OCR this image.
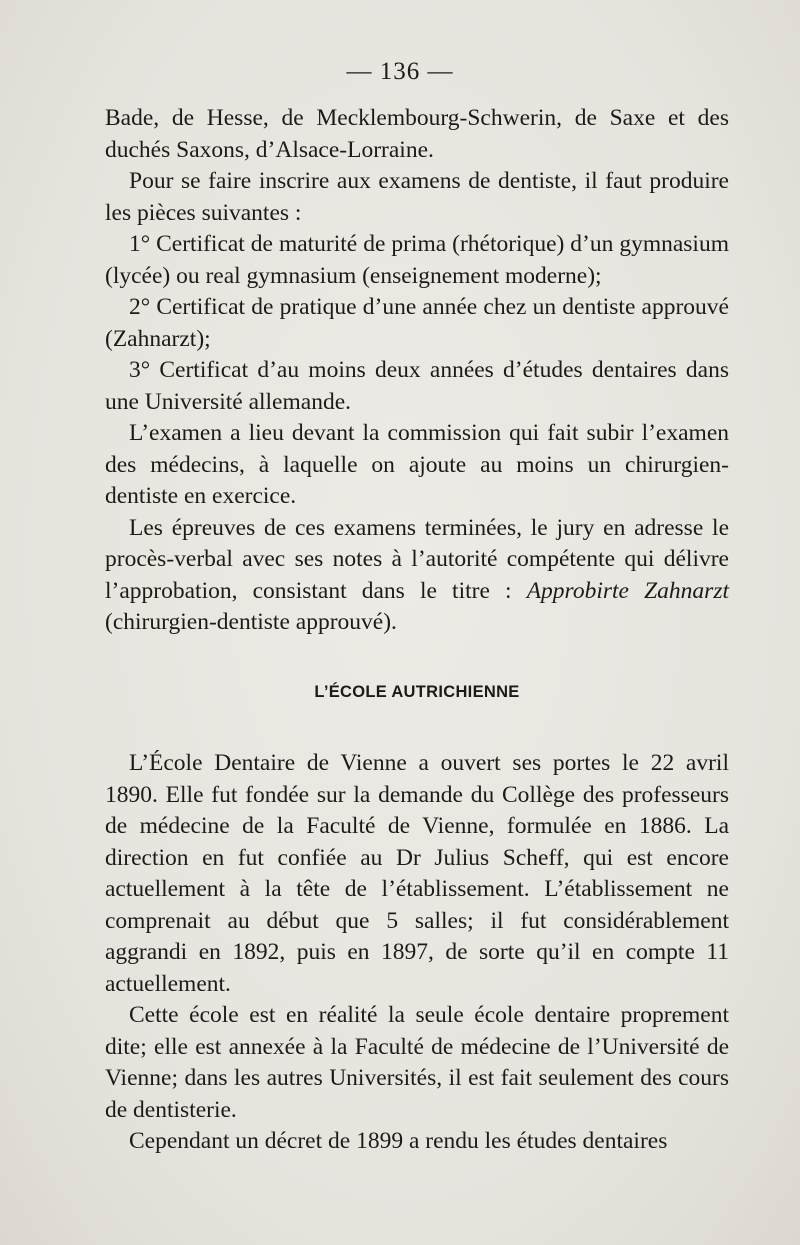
— 136 —

Bade, de Hesse, de Mecklembourg-Schwerin, de Saxe et des duchés Saxons, d’Alsace-Lorraine.

Pour se faire inscrire aux examens de dentiste, il faut produire les pièces suivantes :

1° Certificat de maturité de prima (rhétorique) d’un gymnasium (lycée) ou real gymnasium (enseignement moderne);

2° Certificat de pratique d’une année chez un dentiste approuvé (Zahnarzt);

3° Certificat d’au moins deux années d’études dentaires dans une Université allemande.

L’examen a lieu devant la commission qui fait subir l’examen des médecins, à laquelle on ajoute au moins un chirurgien-dentiste en exercice.

Les épreuves de ces examens terminées, le jury en adresse le procès-verbal avec ses notes à l’autorité compétente qui délivre l’approbation, consistant dans le titre : Approbirte Zahnarzt (chirurgien-dentiste approuvé).

L’ÉCOLE AUTRICHIENNE

L’École Dentaire de Vienne a ouvert ses portes le 22 avril 1890. Elle fut fondée sur la demande du Collège des professeurs de médecine de la Faculté de Vienne, formulée en 1886. La direction en fut confiée au Dr Julius Scheff, qui est encore actuellement à la tête de l’établissement. L’établissement ne comprenait au début que 5 salles; il fut considérablement aggrandi en 1892, puis en 1897, de sorte qu’il en compte 11 actuellement.

Cette école est en réalité la seule école dentaire proprement dite; elle est annexée à la Faculté de médecine de l’Université de Vienne; dans les autres Universités, il est fait seulement des cours de dentisterie.

Cependant un décret de 1899 a rendu les études dentaires
